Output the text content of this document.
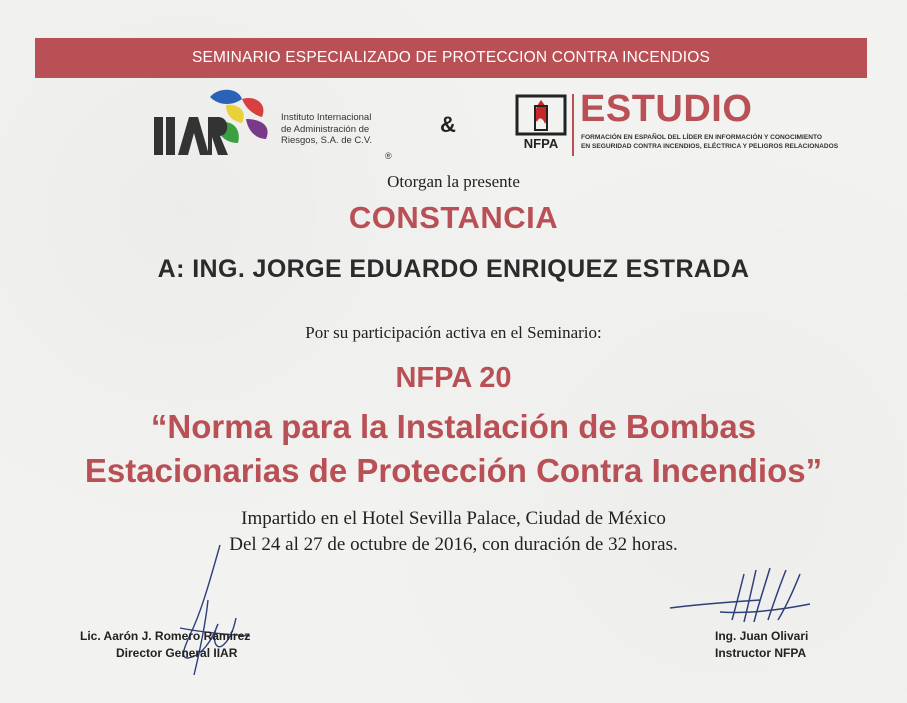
SEMINARIO ESPECIALIZADO DE PROTECCION CONTRA INCENDIOS
Instituto Internacional
de Administración de
Riesgos, S.A. de C.V.
®
&
NFPA
ESTUDIO
FORMACIÓN EN ESPAÑOL DEL LÍDER EN INFORMACIÓN Y CONOCIMIENTO
EN SEGURIDAD CONTRA INCENDIOS, ELÉCTRICA Y PELIGROS RELACIONADOS
Otorgan la presente
CONSTANCIA
A: ING. JORGE EDUARDO ENRIQUEZ ESTRADA
Por su participación activa en el Seminario:
NFPA 20
“Norma para la Instalación de Bombas
Estacionarias de Protección Contra Incendios”
Impartido en el Hotel Sevilla Palace, Ciudad de México
Del 24 al 27 de octubre de 2016, con duración de 32 horas.
Lic. Aarón J. Romero Ramírez
Director General IIAR
Ing. Juan Olivari
Instructor NFPA
